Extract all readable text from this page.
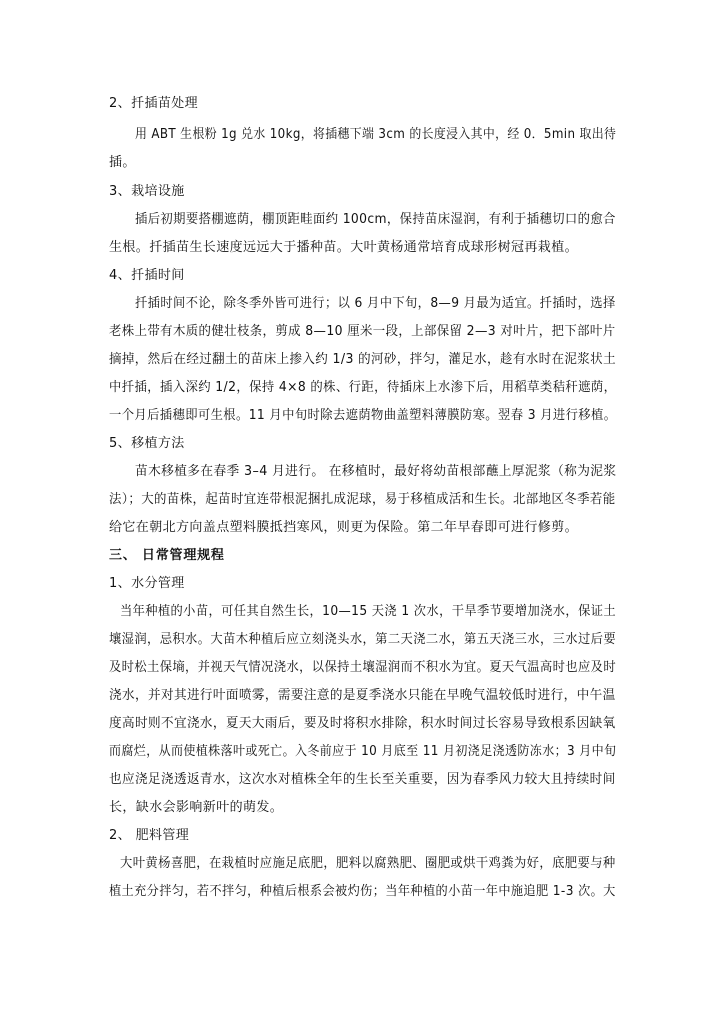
2、扦插苗处理
用 ABT 生根粉 1g 兑水 10kg，将插穗下端 3cm 的长度浸入其中，经 0．5min 取出待
插。
3、栽培设施
插后初期要搭棚遮荫，棚顶距畦面约 100cm，保持苗床湿润，有利于插穗切口的愈合
生根。扦插苗生长速度远远大于播种苗。大叶黄杨通常培育成球形树冠再栽植。
4、扦插时间
扦插时间不论，除冬季外皆可进行；以 6 月中下旬，8—9 月最为适宜。扦插时，选择
老株上带有木质的健壮枝条，剪成 8—10 厘米一段，上部保留 2—3 对叶片，把下部叶片
摘掉，然后在经过翻土的苗床上掺入约 1/3 的河砂，拌匀，灌足水，趁有水时在泥浆状土
中扦插，插入深约 1/2，保持 4×8 的株、行距，待插床上水渗下后，用稻草类秸秆遮荫，
一个月后插穗即可生根。11 月中旬时除去遮荫物曲盖塑料薄膜防寒。翌春 3 月进行移植。
5、移植方法
苗木移植多在春季 3–4 月进行。 在移植时，最好将幼苗根部蘸上厚泥浆（称为泥浆
法）；大的苗株，起苗时宜连带根泥捆扎成泥球，易于移植成活和生长。北部地区冬季若能
给它在朝北方向盖点塑料膜抵挡寒风，则更为保险。第二年早春即可进行修剪。
三、 日常管理规程
1、水分管理
当年种植的小苗，可任其自然生长，10—15 天浇 1 次水，干旱季节要增加浇水，保证土
壤湿润，忌积水。大苗木种植后应立刻浇头水，第二天浇二水，第五天浇三水，三水过后要
及时松土保墒，并视天气情况浇水，以保持土壤湿润而不积水为宜。夏天气温高时也应及时
浇水，并对其进行叶面喷雾，需要注意的是夏季浇水只能在早晚气温较低时进行，中午温
度高时则不宜浇水，夏天大雨后，要及时将积水排除，积水时间过长容易导致根系因缺氧
而腐烂，从而使植株落叶或死亡。入冬前应于 10 月底至 11 月初浇足浇透防冻水；3 月中旬
也应浇足浇透返青水，这次水对植株全年的生长至关重要，因为春季风力较大且持续时间
长，缺水会影响新叶的萌发。
2、 肥料管理
大叶黄杨喜肥，在栽植时应施足底肥，肥料以腐熟肥、圈肥或烘干鸡粪为好，底肥要与种
植土充分拌匀，若不拌匀，种植后根系会被灼伤；当年种植的小苗一年中施追肥 1-3 次。大
